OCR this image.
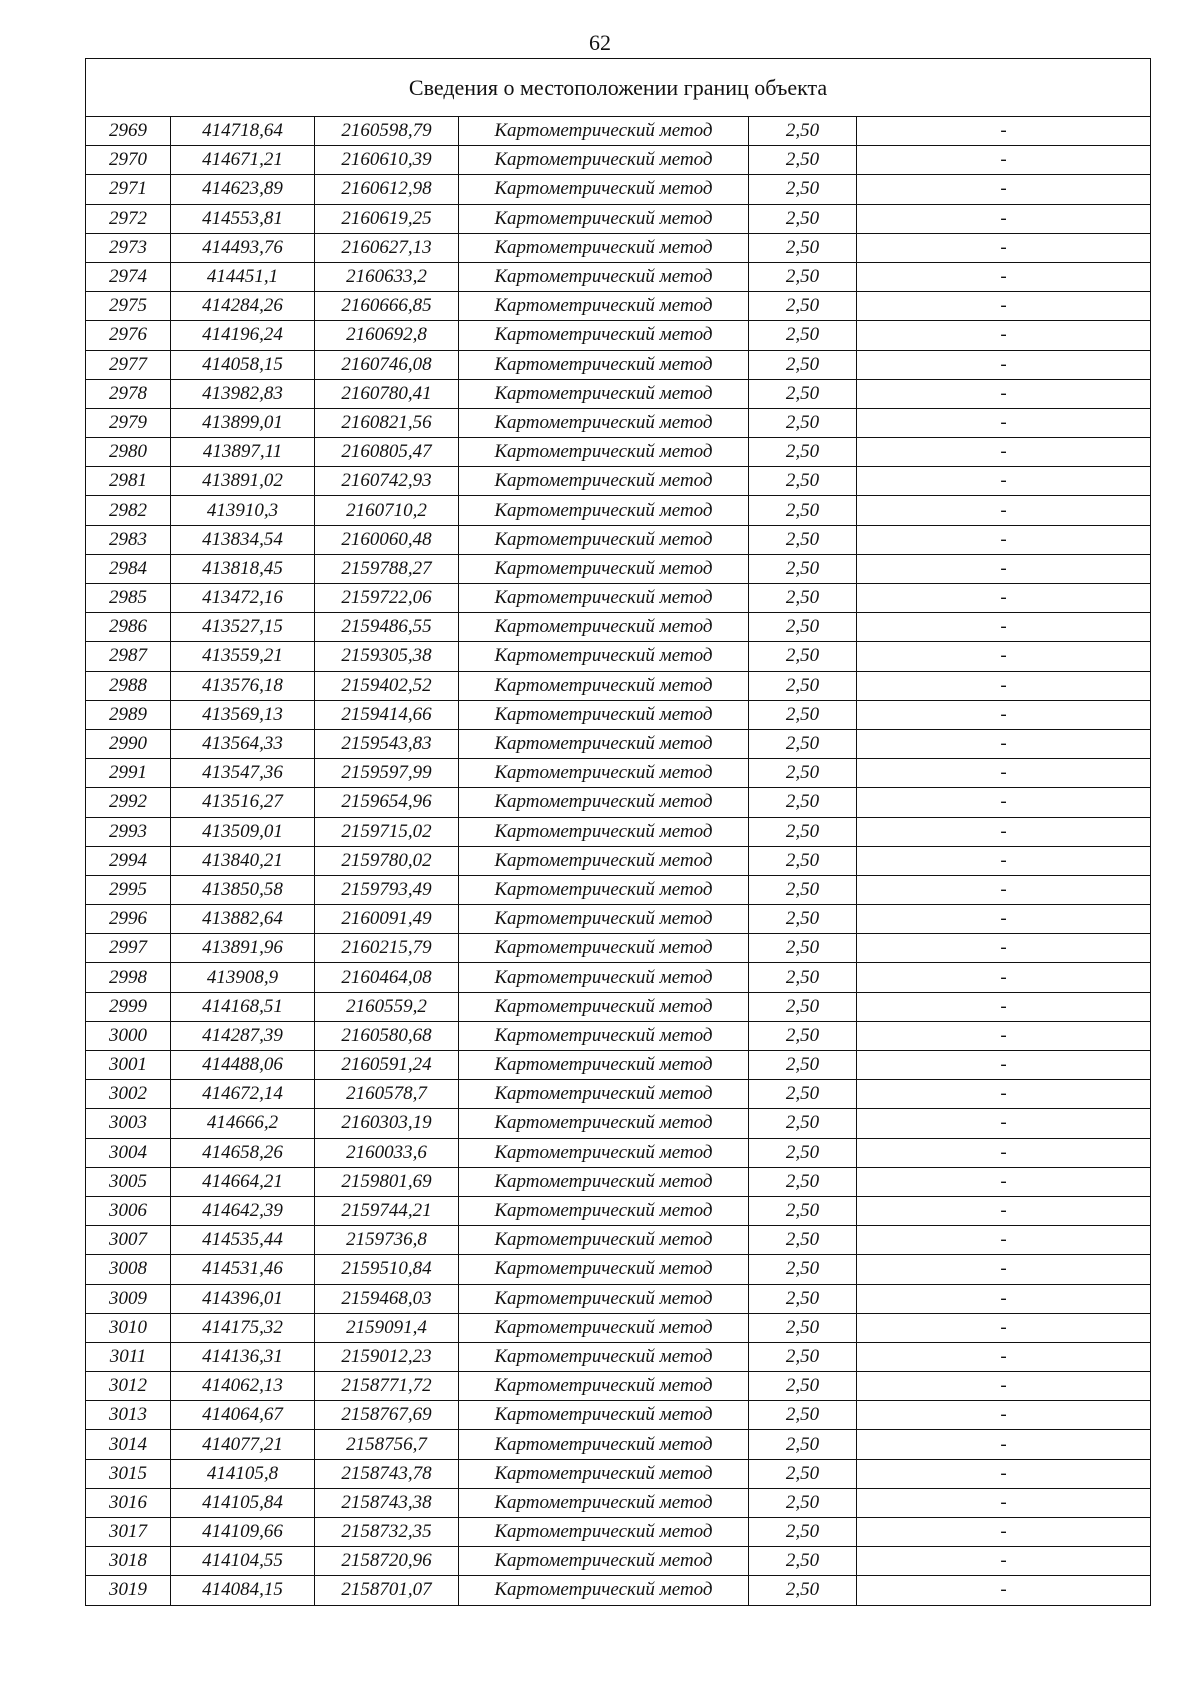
62
Сведения о местоположении границ объекта					
2969	414718,64	2160598,79	Картометрический метод	2,50	-
2970	414671,21	2160610,39	Картометрический метод	2,50	-
2971	414623,89	2160612,98	Картометрический метод	2,50	-
2972	414553,81	2160619,25	Картометрический метод	2,50	-
2973	414493,76	2160627,13	Картометрический метод	2,50	-
2974	414451,1	2160633,2	Картометрический метод	2,50	-
2975	414284,26	2160666,85	Картометрический метод	2,50	-
2976	414196,24	2160692,8	Картометрический метод	2,50	-
2977	414058,15	2160746,08	Картометрический метод	2,50	-
2978	413982,83	2160780,41	Картометрический метод	2,50	-
2979	413899,01	2160821,56	Картометрический метод	2,50	-
2980	413897,11	2160805,47	Картометрический метод	2,50	-
2981	413891,02	2160742,93	Картометрический метод	2,50	-
2982	413910,3	2160710,2	Картометрический метод	2,50	-
2983	413834,54	2160060,48	Картометрический метод	2,50	-
2984	413818,45	2159788,27	Картометрический метод	2,50	-
2985	413472,16	2159722,06	Картометрический метод	2,50	-
2986	413527,15	2159486,55	Картометрический метод	2,50	-
2987	413559,21	2159305,38	Картометрический метод	2,50	-
2988	413576,18	2159402,52	Картометрический метод	2,50	-
2989	413569,13	2159414,66	Картометрический метод	2,50	-
2990	413564,33	2159543,83	Картометрический метод	2,50	-
2991	413547,36	2159597,99	Картометрический метод	2,50	-
2992	413516,27	2159654,96	Картометрический метод	2,50	-
2993	413509,01	2159715,02	Картометрический метод	2,50	-
2994	413840,21	2159780,02	Картометрический метод	2,50	-
2995	413850,58	2159793,49	Картометрический метод	2,50	-
2996	413882,64	2160091,49	Картометрический метод	2,50	-
2997	413891,96	2160215,79	Картометрический метод	2,50	-
2998	413908,9	2160464,08	Картометрический метод	2,50	-
2999	414168,51	2160559,2	Картометрический метод	2,50	-
3000	414287,39	2160580,68	Картометрический метод	2,50	-
3001	414488,06	2160591,24	Картометрический метод	2,50	-
3002	414672,14	2160578,7	Картометрический метод	2,50	-
3003	414666,2	2160303,19	Картометрический метод	2,50	-
3004	414658,26	2160033,6	Картометрический метод	2,50	-
3005	414664,21	2159801,69	Картометрический метод	2,50	-
3006	414642,39	2159744,21	Картометрический метод	2,50	-
3007	414535,44	2159736,8	Картометрический метод	2,50	-
3008	414531,46	2159510,84	Картометрический метод	2,50	-
3009	414396,01	2159468,03	Картометрический метод	2,50	-
3010	414175,32	2159091,4	Картометрический метод	2,50	-
3011	414136,31	2159012,23	Картометрический метод	2,50	-
3012	414062,13	2158771,72	Картометрический метод	2,50	-
3013	414064,67	2158767,69	Картометрический метод	2,50	-
3014	414077,21	2158756,7	Картометрический метод	2,50	-
3015	414105,8	2158743,78	Картометрический метод	2,50	-
3016	414105,84	2158743,38	Картометрический метод	2,50	-
3017	414109,66	2158732,35	Картометрический метод	2,50	-
3018	414104,55	2158720,96	Картометрический метод	2,50	-
3019	414084,15	2158701,07	Картометрический метод	2,50	-
